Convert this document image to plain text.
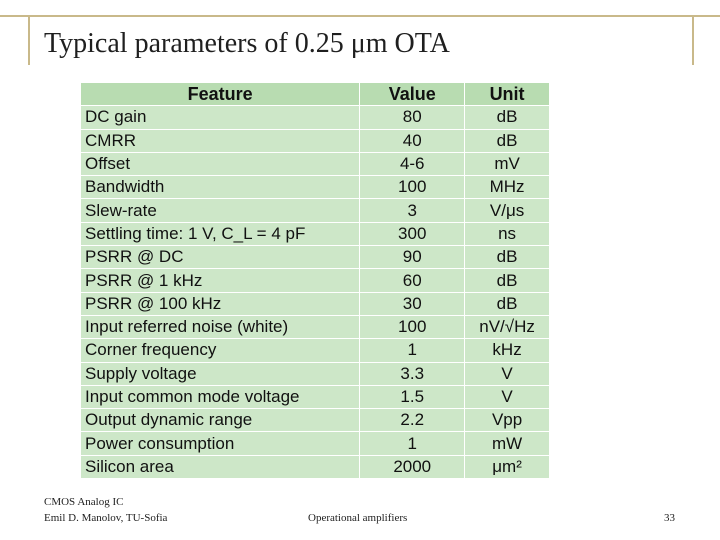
Typical parameters of 0.25 μm OTA
Feature	Value	Unit
DC gain	80	dB
CMRR	40	dB
Offset	4-6	mV
Bandwidth	100	MHz
Slew-rate	3	V/μs
Settling time: 1 V, C_L = 4 pF	300	ns
PSRR @ DC	90	dB
PSRR @ 1 kHz	60	dB
PSRR @ 100 kHz	30	dB
Input referred noise (white)	100	nV/√Hz
Corner frequency	1	kHz
Supply voltage	3.3	V
Input common mode voltage	1.5	V
Output dynamic range	2.2	Vpp
Power consumption	1	mW
Silicon area	2000	μm²
CMOS Analog IC
Emil D. Manolov, TU-Sofia	Operational amplifiers	33
